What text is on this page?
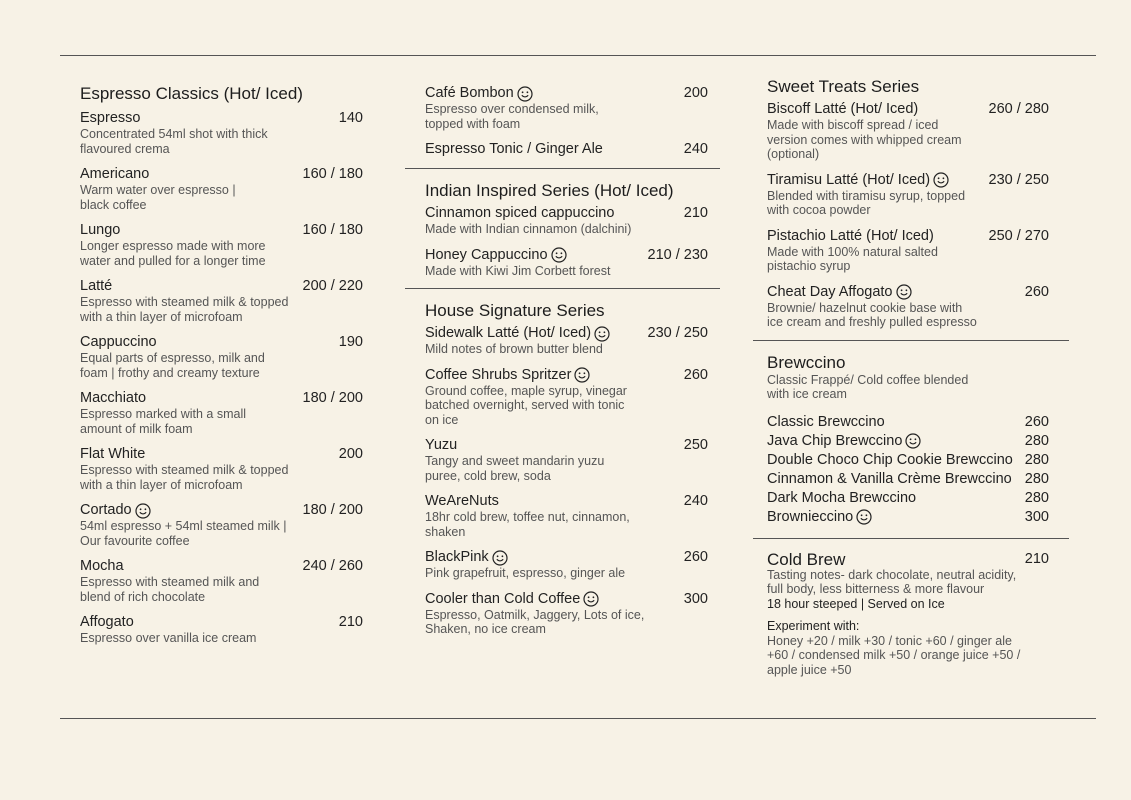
Espresso Classics (Hot/ Iced)
Espresso	140
Concentrated 54ml shot with thick
flavoured crema
Americano	160 / 180
Warm water over espresso |
black coffee
Lungo	160 / 180
Longer espresso made with more
water and pulled for a longer time
Latté	200 / 220
Espresso with steamed milk & topped
with a thin layer of microfoam
Cappuccino	190
Equal parts of espresso, milk and
foam | frothy and creamy texture
Macchiato	180 / 200
Espresso marked with a small
amount of milk foam
Flat White	200
Espresso with steamed milk & topped
with a thin layer of microfoam
Cortado	180 / 200
54ml espresso + 54ml steamed milk |
Our favourite coffee
Mocha	240 / 260
Espresso with steamed milk and
blend of rich chocolate
Affogato	210
Espresso over vanilla ice cream
Café Bombon	200
Espresso over condensed milk,
topped with foam
Espresso Tonic / Ginger Ale	240
Indian Inspired Series (Hot/ Iced)
Cinnamon spiced cappuccino	210
Made with Indian cinnamon (dalchini)
Honey Cappuccino	210 / 230
Made with Kiwi Jim Corbett forest
House Signature Series
Sidewalk Latté (Hot/ Iced)	230 / 250
Mild notes of brown butter blend
Coffee Shrubs Spritzer	260
Ground coffee, maple syrup, vinegar
batched overnight, served with tonic
on ice
Yuzu	250
Tangy and sweet mandarin yuzu
puree, cold brew, soda
WeAreNuts	240
18hr cold brew, toffee nut, cinnamon,
shaken
BlackPink	260
Pink grapefruit, espresso, ginger ale
Cooler than Cold Coffee	300
Espresso, Oatmilk, Jaggery, Lots of ice,
Shaken, no ice cream
Sweet Treats Series
Biscoff Latté (Hot/ Iced)	260 / 280
Made with biscoff spread / iced
version comes with whipped cream
(optional)
Tiramisu Latté (Hot/ Iced)	230 / 250
Blended with tiramisu syrup, topped
with cocoa powder
Pistachio Latté (Hot/ Iced)	250 / 270
Made with 100% natural salted
pistachio syrup
Cheat Day Affogato	260
Brownie/ hazelnut cookie base with
ice cream and freshly pulled espresso
Brewccino
Classic Frappé/ Cold coffee blended
with ice cream
Classic Brewccino	260
Java Chip Brewccino	280
Double Choco Chip Cookie Brewccino 280
Cinnamon & Vanilla Crème Brewccino 280
Dark Mocha Brewccino	280
Brownieccino	300
Cold Brew	210
Tasting notes- dark chocolate, neutral acidity,
full body, less bitterness & more flavour
18 hour steeped | Served on Ice
Experiment with:
Honey +20 / milk +30 / tonic +60 / ginger ale
+60 / condensed milk +50 / orange juice +50 /
apple juice +50
